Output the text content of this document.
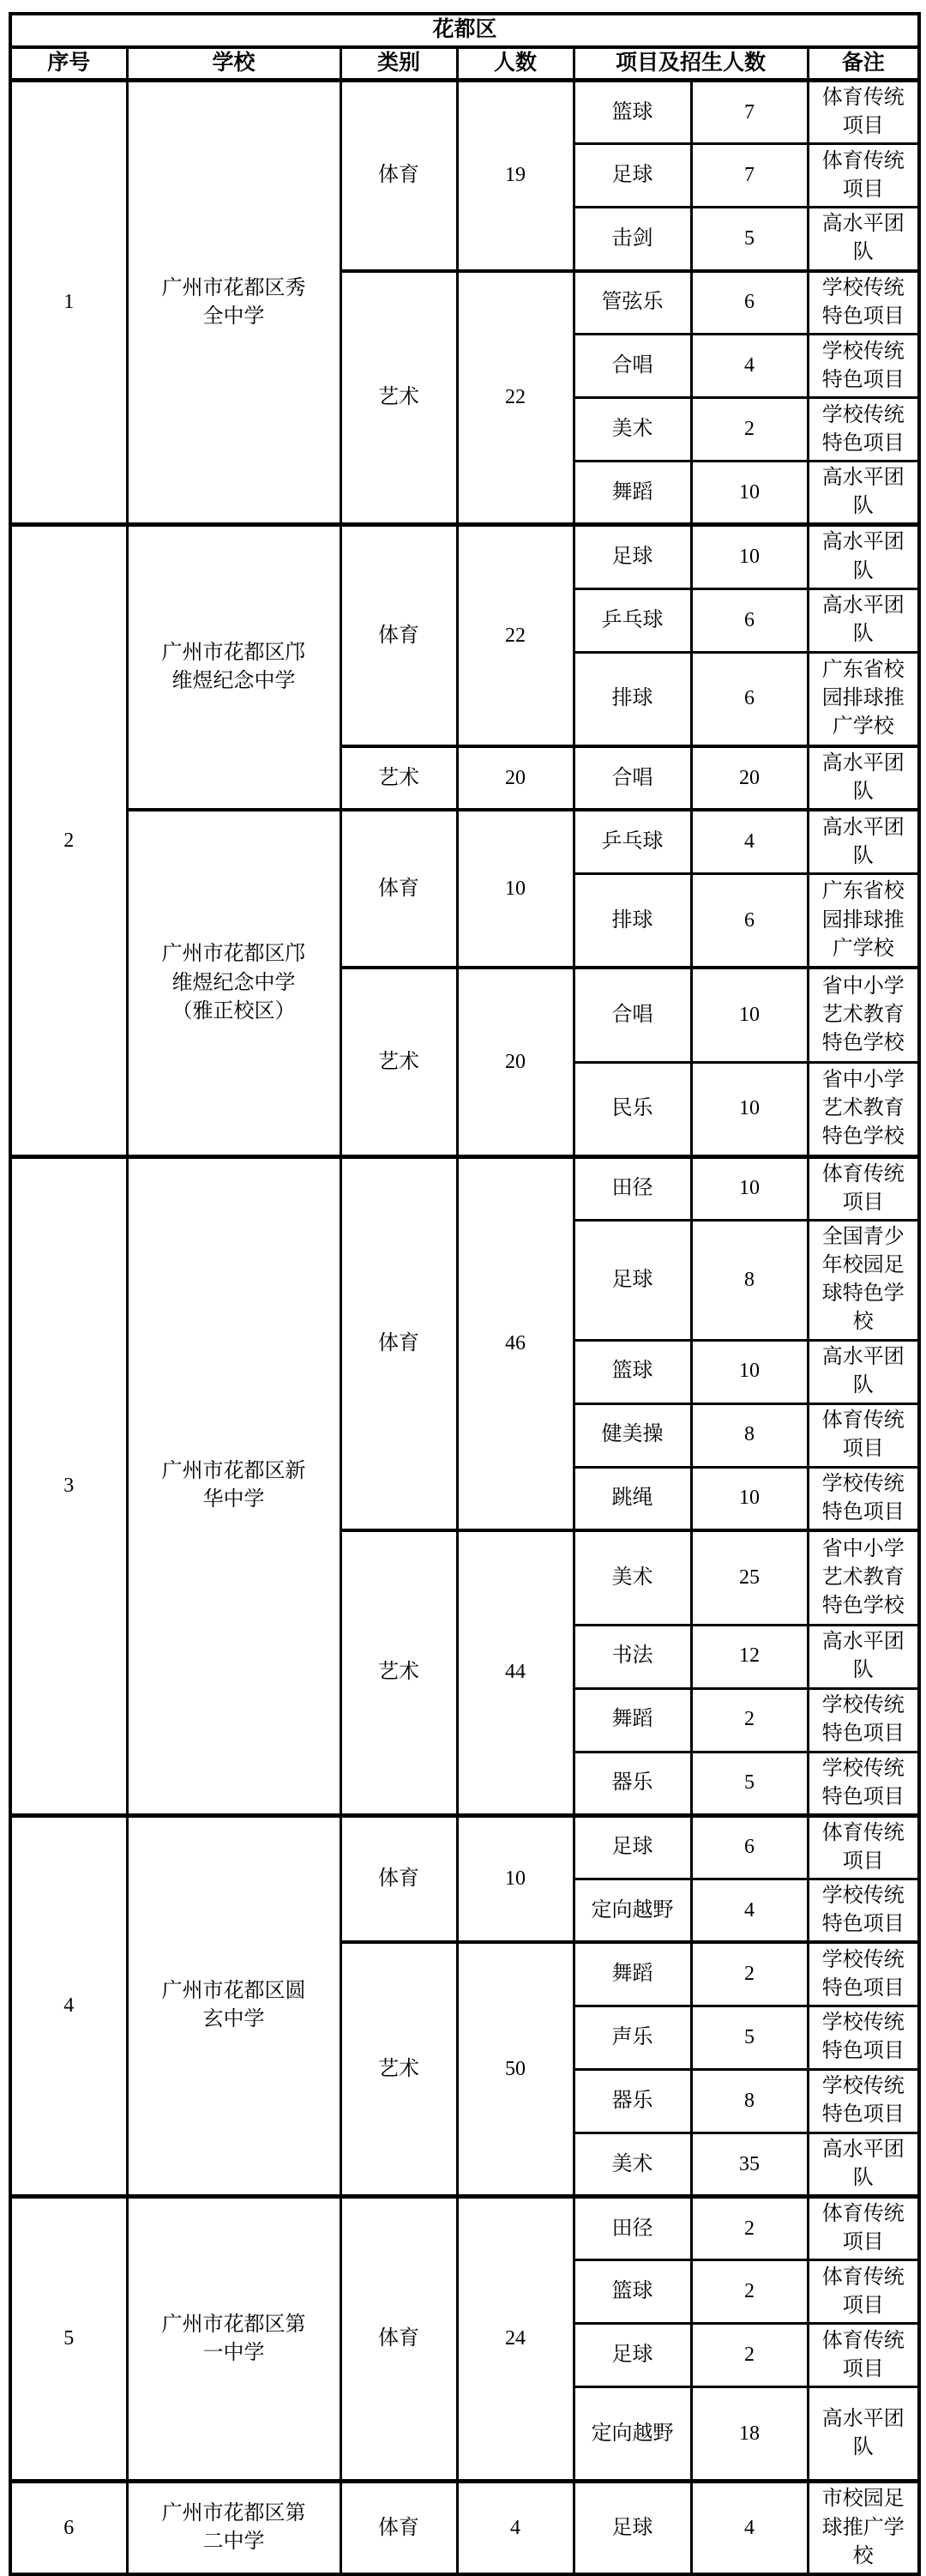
花都区						
序号	学校	类别	人数	项目及招生人数		备注
1	广州市花都区秀全中学	体育	19	篮球	7	体育传统项目
				足球	7	体育传统项目
				击剑	5	高水平团队
		艺术	22	管弦乐	6	学校传统特色项目
				合唱	4	学校传统特色项目
				美术	2	学校传统特色项目
				舞蹈	10	高水平团队
2	广州市花都区邝维煜纪念中学	体育	22	足球	10	高水平团队
				乒乓球	6	高水平团队
				排球	6	广东省校园排球推广学校
		艺术	20	合唱	20	高水平团队
	广州市花都区邝维煜纪念中学（雅正校区）	体育	10	乒乓球	4	高水平团队
				排球	6	广东省校园排球推广学校
		艺术	20	合唱	10	省中小学艺术教育特色学校
				民乐	10	省中小学艺术教育特色学校
3	广州市花都区新华中学	体育	46	田径	10	体育传统项目
				足球	8	全国青少年校园足球特色学校
				篮球	10	高水平团队
				健美操	8	体育传统项目
				跳绳	10	学校传统特色项目
		艺术	44	美术	25	省中小学艺术教育特色学校
				书法	12	高水平团队
				舞蹈	2	学校传统特色项目
				器乐	5	学校传统特色项目
4	广州市花都区圆玄中学	体育	10	足球	6	体育传统项目
				定向越野	4	学校传统特色项目
		艺术	50	舞蹈	2	学校传统特色项目
				声乐	5	学校传统特色项目
				器乐	8	学校传统特色项目
				美术	35	高水平团队
5	广州市花都区第一中学	体育	24	田径	2	体育传统项目
				篮球	2	体育传统项目
				足球	2	体育传统项目
				定向越野	18	高水平团队
6	广州市花都区第二中学	体育	4	足球	4	市校园足球推广学校
